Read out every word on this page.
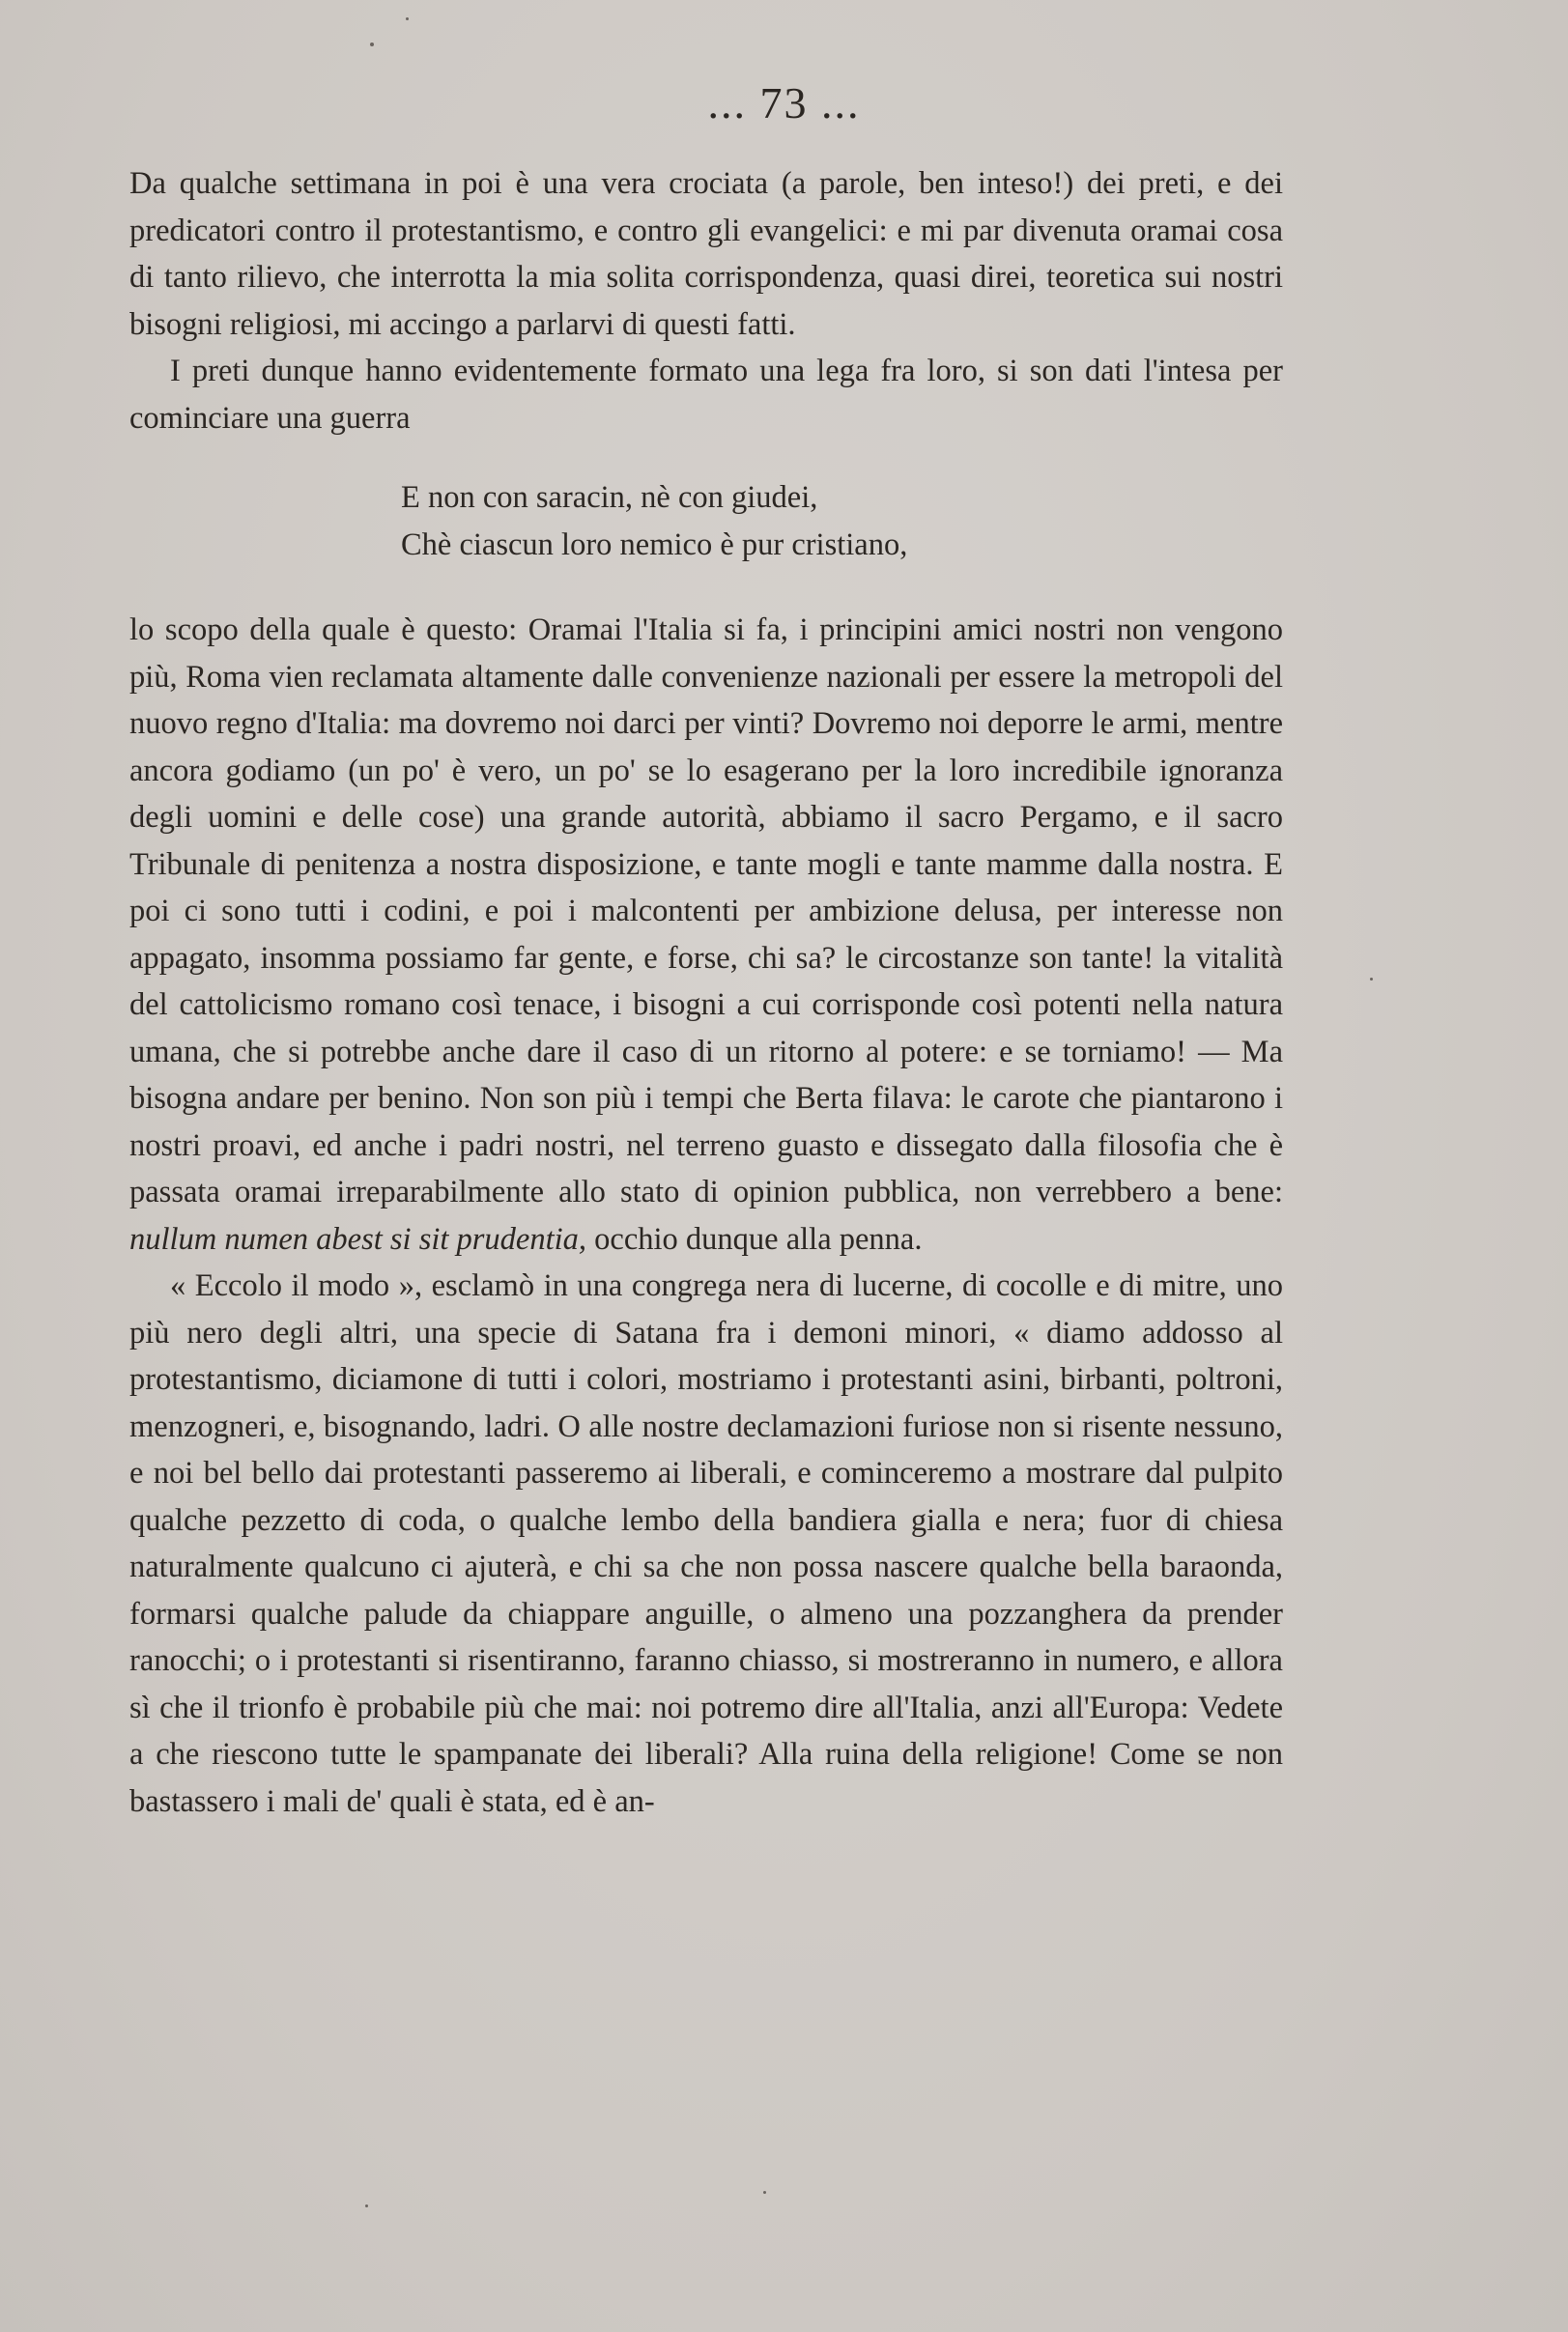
... 73 ...

Da qualche settimana in poi è una vera crociata (a parole, ben inteso!) dei preti, e dei predicatori contro il protestantismo, e contro gli evangelici: e mi par divenuta oramai cosa di tanto rilievo, che interrotta la mia solita corrispondenza, quasi direi, teoretica sui nostri bisogni religiosi, mi accingo a parlarvi di questi fatti.

I preti dunque hanno evidentemente formato una lega fra loro, si son dati l'intesa per cominciare una guerra

E non con saracin, nè con giudei,
Chè ciascun loro nemico è pur cristiano,

lo scopo della quale è questo: Oramai l'Italia si fa, i principini amici nostri non vengono più, Roma vien reclamata altamente dalle convenienze nazionali per essere la metropoli del nuovo regno d'Italia: ma dovremo noi darci per vinti? Dovremo noi deporre le armi, mentre ancora godiamo (un po' è vero, un po' se lo esagerano per la loro incredibile ignoranza degli uomini e delle cose) una grande autorità, abbiamo il sacro Pergamo, e il sacro Tribunale di penitenza a nostra disposizione, e tante mogli e tante mamme dalla nostra. E poi ci sono tutti i codini, e poi i malcontenti per ambizione delusa, per interesse non appagato, insomma possiamo far gente, e forse, chi sa? le circostanze son tante! la vitalità del cattolicismo romano così tenace, i bisogni a cui corrisponde così potenti nella natura umana, che si potrebbe anche dare il caso di un ritorno al potere: e se torniamo! — Ma bisogna andare per benino. Non son più i tempi che Berta filava: le carote che piantarono i nostri proavi, ed anche i padri nostri, nel terreno guasto e dissegato dalla filosofia che è passata oramai irreparabilmente allo stato di opinion pubblica, non verrebbero a bene: nullum numen abest si sit prudentia, occhio dunque alla penna.

« Eccolo il modo », esclamò in una congrega nera di lucerne, di cocolle e di mitre, uno più nero degli altri, una specie di Satana fra i demoni minori, « diamo addosso al protestantismo, diciamone di tutti i colori, mostriamo i protestanti asini, birbanti, poltroni, menzogneri, e, bisognando, ladri. O alle nostre declamazioni furiose non si risente nessuno, e noi bel bello dai protestanti passeremo ai liberali, e cominceremo a mostrare dal pulpito qualche pezzetto di coda, o qualche lembo della bandiera gialla e nera; fuor di chiesa naturalmente qualcuno ci ajuterà, e chi sa che non possa nascere qualche bella baraonda, formarsi qualche palude da chiappare anguille, o almeno una pozzanghera da prender ranocchi; o i protestanti si risentiranno, faranno chiasso, si mostreranno in numero, e allora sì che il trionfo è probabile più che mai: noi potremo dire all'Italia, anzi all'Europa: Vedete a che riescono tutte le spampanate dei liberali? Alla ruina della religione! Come se non bastassero i mali de' quali è stata, ed è an-
